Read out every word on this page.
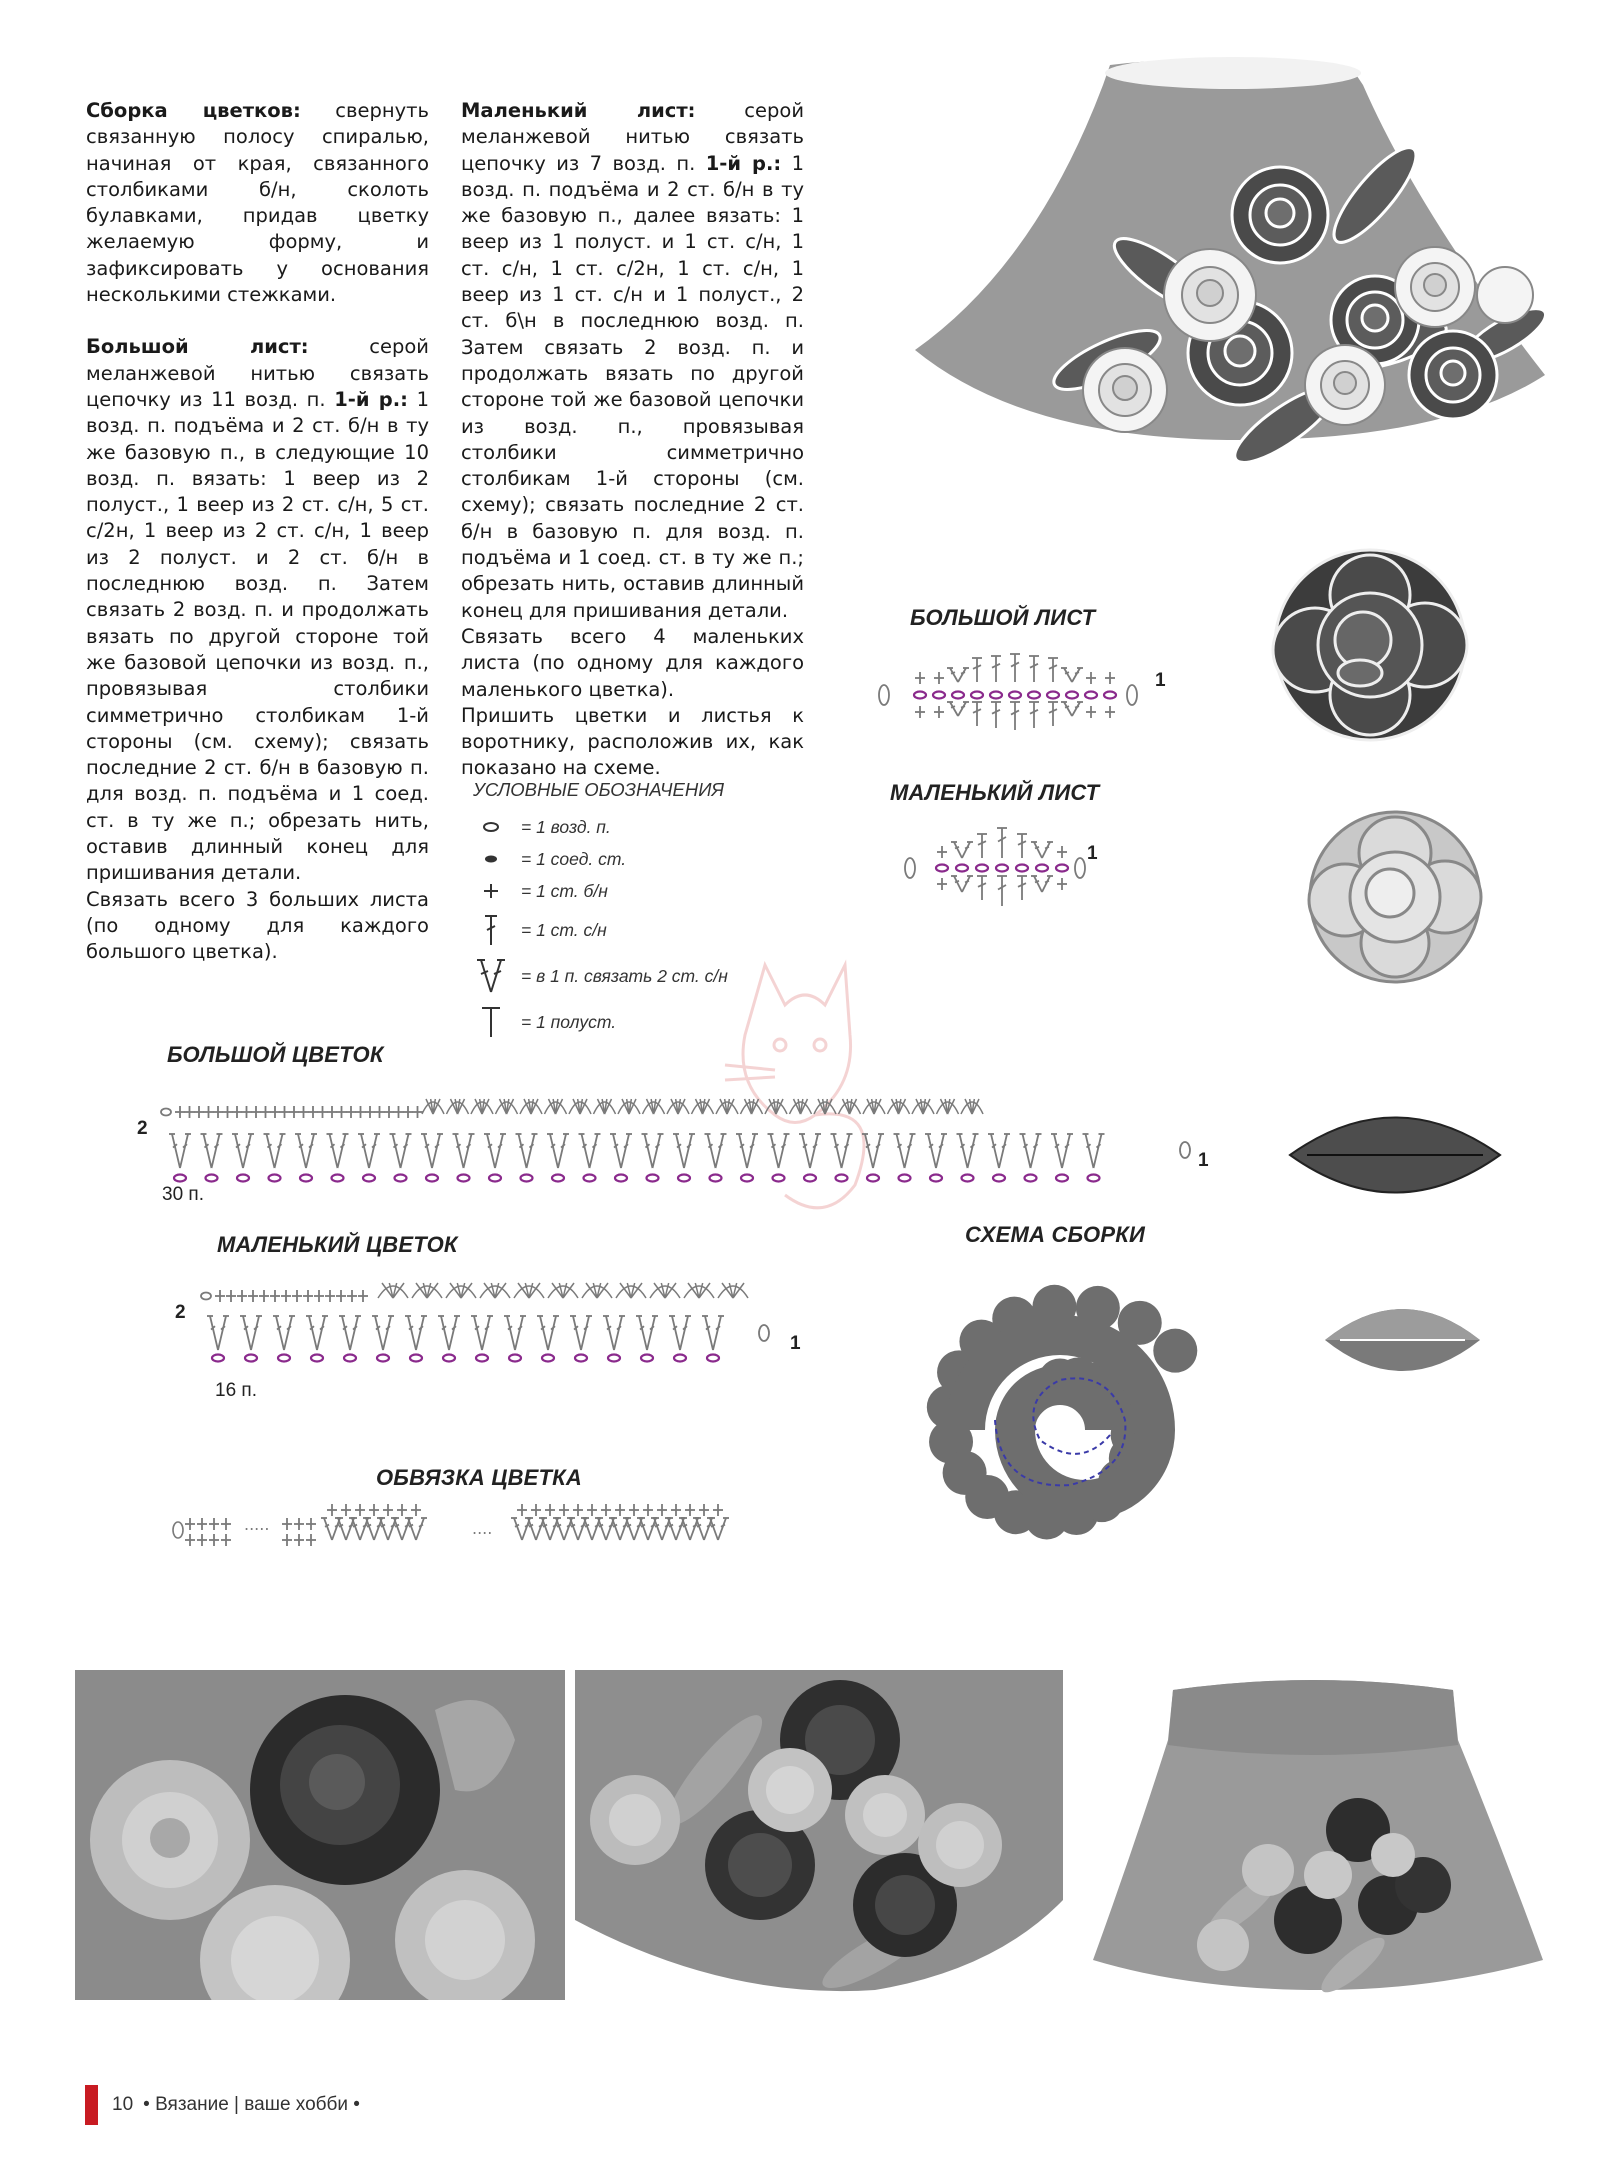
Сборка цветков: свернуть связанную полосу спиралью, начиная от края, связанного столбиками б/н, сколоть булавками, придав цветку желаемую форму, и зафиксировать у основания несколькими стежками.

Большой лист: серой меланжевой нитью связать цепочку из 11 возд. п. 1-й р.: 1 возд. п. подъёма и 2 ст. б/н в ту же базовую п., в следующие 10 возд. п. вязать: 1 веер из 2 полуст., 1 веер из 2 ст. с/н, 5 ст. с/2н, 1 веер из 2 ст. с/н, 1 веер из 2 полуст. и 2 ст. б/н в последнюю возд. п. Затем связать 2 возд. п. и продолжать вязать по другой стороне той же базовой цепочки из возд. п., провязывая столбики симметрично столбикам 1-й стороны (см. схему); связать последние 2 ст. б/н в базовую п. для возд. п. подъёма и 1 соед. ст. в ту же п.; обрезать нить, оставив длинный конец для пришивания детали.

Связать всего 3 больших листа (по одному для каждого большого цветка).

Маленький лист: серой меланжевой нитью связать цепочку из 7 возд. п. 1-й р.: 1 возд. п. подъёма и 2 ст. б/н в ту же базовую п., далее вязать: 1 веер из 1 полуст. и 1 ст. с/н, 1 ст. с/н, 1 ст. с/2н, 1 ст. с/н, 1 веер из 1 ст. с/н и 1 полуст., 2 ст. б\н в последнюю возд. п. Затем связать 2 возд. п. и продолжать вязать по другой стороне той же базовой цепочки из возд. п., провязывая столбики симметрично столбикам 1-й стороны (см. схему); связать последние 2 ст. б/н в базовую п. для возд. п. подъёма и 1 соед. ст. в ту же п.; обрезать нить, оставив длинный конец для пришивания детали.

Связать всего 4 маленьких листа (по одному для каждого маленького цветка).

Пришить цветки и листья к воротнику, расположив их, как показано на схеме.

УСЛОВНЫЕ ОБОЗНАЧЕНИЯ
= 1 возд. п.
= 1 соед. ст.
= 1 ст. б/н
= 1 ст. с/н
= в 1 п. связать 2 ст. с/н
= 1 полуст.
БОЛЬШОЙ ЛИСТ
МАЛЕНЬКИЙ ЛИСТ
БОЛЬШОЙ ЦВЕТОК
МАЛЕНЬКИЙ ЦВЕТОК
ОБВЯЗКА ЦВЕТКА
СХЕМА СБОРКИ
1
1
2
1
30 п.
2
1
16 п.
.....	....
10 • Вязание | ваше хобби •
